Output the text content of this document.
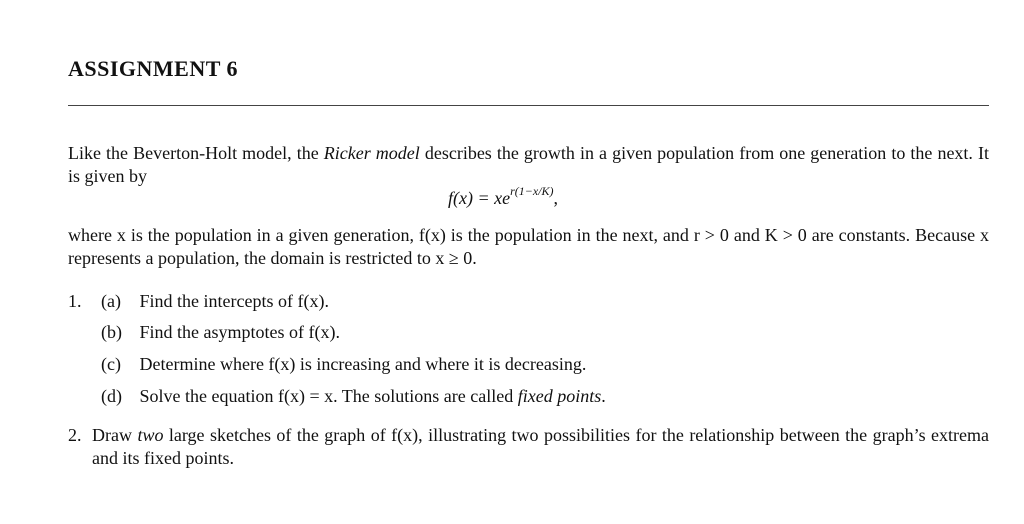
ASSIGNMENT 6
Like the Beverton-Holt model, the Ricker model describes the growth in a given population from one generation to the next. It is given by
$f(x) = xe^{r(1-x/K)}$,
where x is the population in a given generation, f(x) is the population in the next, and r > 0 and K > 0 are constants. Because x represents a population, the domain is restricted to x ≥ 0.
1. (a) Find the intercepts of f(x).
(b) Find the asymptotes of f(x).
(c) Determine where f(x) is increasing and where it is decreasing.
(d) Solve the equation f(x) = x. The solutions are called fixed points.
2. Draw two large sketches of the graph of f(x), illustrating two possibilities for the relationship between the graph’s extrema and its fixed points.
